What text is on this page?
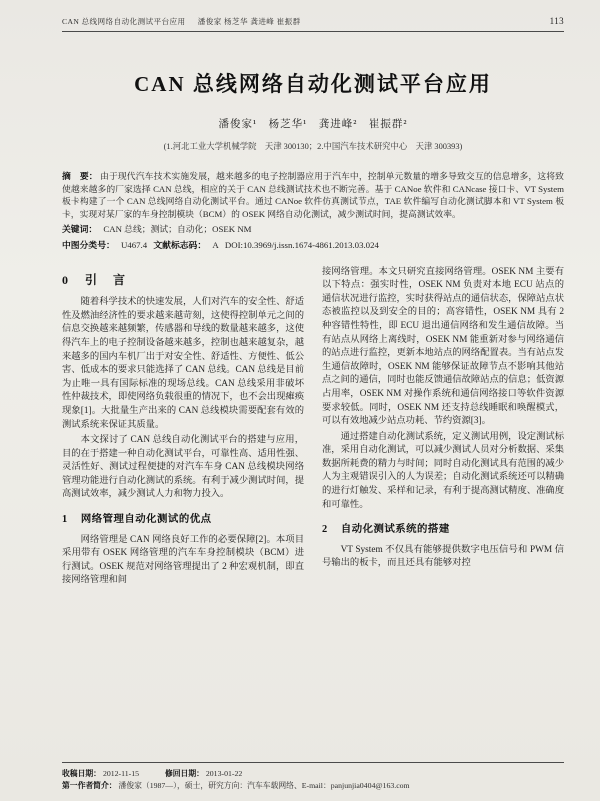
CAN 总线网络自动化测试平台应用 潘俊家 杨芝华 龚进峰 崔振群	113
CAN 总线网络自动化测试平台应用
潘俊家¹　杨芝华¹　龚进峰²　崔振群²
(1.河北工业大学机械学院　天津 300130；2.中国汽车技术研究中心　天津 300393)
摘　要： 由于现代汽车技术实施发展，越来越多的电子控制器应用于汽车中，控制单元数量的增多导致交互的信息增多，这将致使越来越多的厂家选择 CAN 总线，相应的关于 CAN 总线测试技术也不断完善。基于 CANoe 软件和 CANcase 接口卡、VT System 板卡构建了一个 CAN 总线网络自动化测试平台。通过 CANoe 软件仿真测试节点，TAE 软件编写自动化测试脚本和 VT System 板卡，实现对某厂家的车身控制模块（BCM）的 OSEK 网络自动化测试，减少测试时间，提高测试效率。
关键词： CAN 总线；测试；自动化；OSEK NM
中图分类号： U467.4 文献标志码： A DOI:10.3969/j.issn.1674-4861.2013.03.024
0 引　言

随着科学技术的快速发展，人们对汽车的安全性、舒适性及燃油经济性的要求越来越苛刻，这使得控制单元之间的信息交换越来越频繁，传感器和导线的数量越来越多，这使得汽车上的电子控制设备越来越多，控制也越来越复杂，越来越多的国内车机厂出于对安全性、舒适性、方便性、低公害、低成本的要求只能选择了 CAN 总线。CAN 总线是目前为止唯一具有国际标准的现场总线。CAN 总线采用非破坏性仲裁技术，即使网络负载很重的情况下，也不会出现瘫痪现象[1]。大批量生产出来的 CAN 总线模块需要配套有效的测试系统来保证其质量。

本文探讨了 CAN 总线自动化测试平台的搭建与应用，目的在于搭建一种自动化测试平台，可靠性高、适用性强、灵活性好、测试过程便捷的对汽车车身 CAN 总线模块网络管理功能进行自动化测试的系统。有利于减少测试时间，提高测试效率，减少测试人力和物力投入。

1 网络管理自动化测试的优点

网络管理是 CAN 网络良好工作的必要保障[2]。本项目采用带有 OSEK 网络管理的汽车车身控制模块（BCM）进行测试。OSEK 规范对网络管理提出了 2 种宏观机制，即直接网络管理和间

接网络管理。本文只研究直接网络管理。OSEK NM 主要有以下特点：强实时性，OSEK NM 负责对本地 ECU 站点的通信状况进行监控，实时获得站点的通信状态，保障站点状态被监控以及到安全的目的；高容错性，OSEK NM 具有 2 种容错性特性，即 ECU 退出通信网络和发生通信故障。当有站点从网络上离线时，OSEK NM 能重新对参与网络通信的站点进行监控，更新本地站点的网络配置表。当有站点发生通信故障时，OSEK NM 能够保证故障节点不影响其他站点之间的通信，同时也能反馈通信故障站点的信息；低资源占用率，OSEK NM 对操作系统和通信网络接口等软件资源要求较低。同时，OSEK NM 还支持总线睡眠和唤醒模式，可以有效地减少站点功耗、节约资源[3]。

通过搭建自动化测试系统，定义测试用例，设定测试标准，采用自动化测试，可以减少测试人员对分析数据、采集数据所耗费的精力与时间；同时自动化测试具有范围的减少人为主观错误引入的人为误差；自动化测试系统还可以精确的进行灯触发、采样和记录，有利于提高测试精度、准确度和可靠性。

2 自动化测试系统的搭建

VT System 不仅具有能够提供数字电压信号和 PWM 信号输出的板卡，而且还具有能够对控

收稿日期： 2012-11-15	修回日期： 2013-01-22
第一作者简介： 潘俊家（1987—），硕士，研究方向：汽车车载网络、E-mail：panjunjia0404@163.com
